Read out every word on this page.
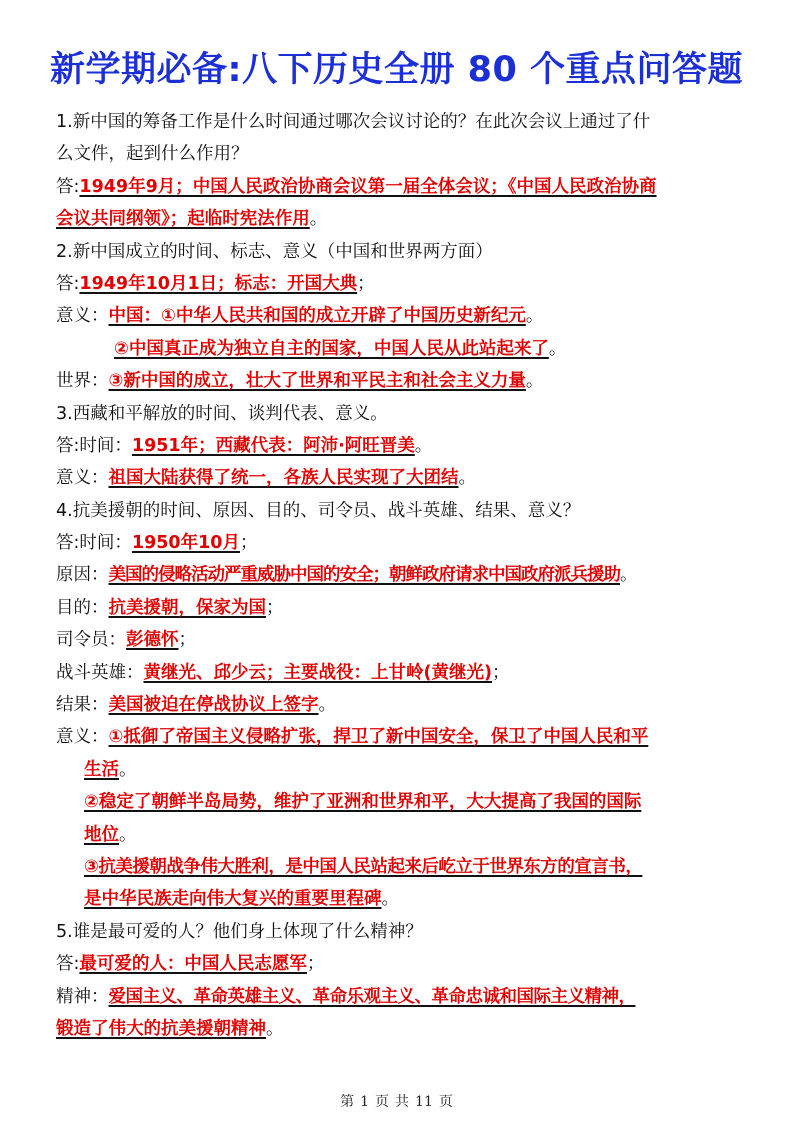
新学期必备:八下历史全册 80 个重点问答题
1.新中国的筹备工作是什么时间通过哪次会议讨论的？在此次会议上通过了什
么文件，起到什么作用？
答:1949年9月；中国人民政治协商会议第一届全体会议；《中国人民政治协商
会议共同纲领》；起临时宪法作用。
2.新中国成立的时间、标志、意义（中国和世界两方面）
答:1949年10月1日；标志：开国大典；
意义：中国：①中华人民共和国的成立开辟了中国历史新纪元。
②中国真正成为独立自主的国家，中国人民从此站起来了。
世界：③新中国的成立，壮大了世界和平民主和社会主义力量。
3.西藏和平解放的时间、谈判代表、意义。
答:时间：1951年；西藏代表：阿沛·阿旺晋美。
意义：祖国大陆获得了统一，各族人民实现了大团结。
4.抗美援朝的时间、原因、目的、司令员、战斗英雄、结果、意义？
答:时间：1950年10月；
原因：美国的侵略活动严重威胁中国的安全；朝鲜政府请求中国政府派兵援助。
目的：抗美援朝，保家为国；
司令员：彭德怀；
战斗英雄：黄继光、邱少云；主要战役：上甘岭(黄继光)；
结果：美国被迫在停战协议上签字。
意义：①抵御了帝国主义侵略扩张，捍卫了新中国安全，保卫了中国人民和平
生活。
②稳定了朝鲜半岛局势，维护了亚洲和世界和平，大大提高了我国的国际
地位。
③抗美援朝战争伟大胜利，是中国人民站起来后屹立于世界东方的宣言书，
是中华民族走向伟大复兴的重要里程碑。
5.谁是最可爱的人？他们身上体现了什么精神？
答:最可爱的人：中国人民志愿军；
精神：爱国主义、革命英雄主义、革命乐观主义、革命忠诚和国际主义精神，
锻造了伟大的抗美援朝精神。
第 1 页 共 11 页
